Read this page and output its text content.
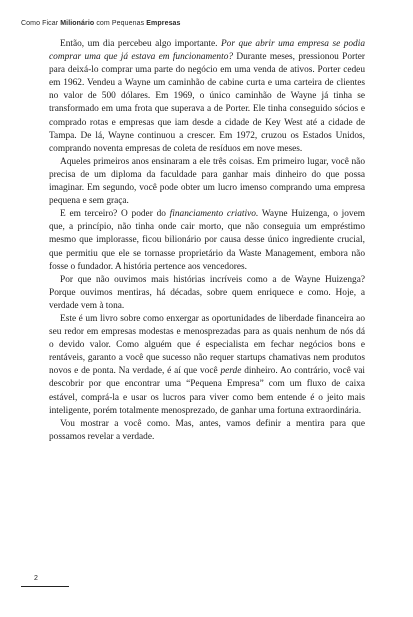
Como Ficar Milionário com Pequenas Empresas

Então, um dia percebeu algo importante. Por que abrir uma empresa se podia comprar uma que já estava em funcionamento? Durante meses, pressionou Porter para deixá-lo comprar uma parte do negócio em uma venda de ativos. Porter cedeu em 1962. Vendeu a Wayne um caminhão de cabine curta e uma carteira de clientes no valor de 500 dólares. Em 1969, o único caminhão de Wayne já tinha se transformado em uma frota que superava a de Porter. Ele tinha conseguido sócios e comprado rotas e empresas que iam desde a cidade de Key West até a cidade de Tampa. De lá, Wayne continuou a crescer. Em 1972, cruzou os Estados Unidos, comprando noventa empresas de coleta de resíduos em nove meses.

Aqueles primeiros anos ensinaram a ele três coisas. Em primeiro lugar, você não precisa de um diploma da faculdade para ganhar mais dinheiro do que possa imaginar. Em segundo, você pode obter um lucro imenso comprando uma empresa pequena e sem graça.

E em terceiro? O poder do financiamento criativo. Wayne Huizenga, o jovem que, a princípio, não tinha onde cair morto, que não conseguia um empréstimo mesmo que implorasse, ficou bilionário por causa desse único ingrediente crucial, que permitiu que ele se tornasse proprietário da Waste Management, embora não fosse o fundador. A história pertence aos vencedores.

Por que não ouvimos mais histórias incríveis como a de Wayne Huizenga? Porque ouvimos mentiras, há décadas, sobre quem enriquece e como. Hoje, a verdade vem à tona.

Este é um livro sobre como enxergar as oportunidades de liberdade financeira ao seu redor em empresas modestas e menosprezadas para as quais nenhum de nós dá o devido valor. Como alguém que é especialista em fechar negócios bons e rentáveis, garanto a você que sucesso não requer startups chamativas nem produtos novos e de ponta. Na verdade, é aí que você perde dinheiro. Ao contrário, você vai descobrir por que encontrar uma “Pequena Empresa” com um fluxo de caixa estável, comprá-la e usar os lucros para viver como bem entende é o jeito mais inteligente, porém totalmente menosprezado, de ganhar uma fortuna extraordinária.

Vou mostrar a você como. Mas, antes, vamos definir a mentira para que possamos revelar a verdade.

2
